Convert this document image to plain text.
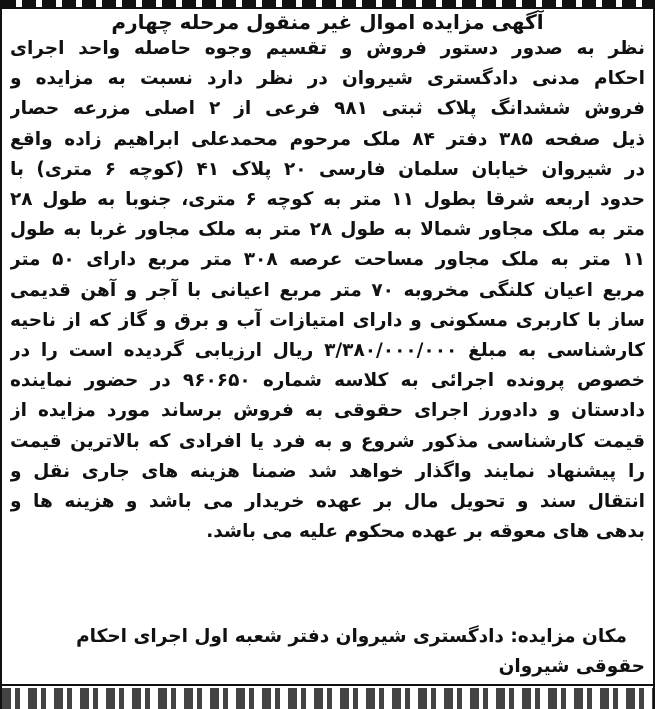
آگهی مزایده اموال غیر منقول مرحله چهارم
نظر به صدور دستور فروش و تقسیم وجوه حاصله واحد اجرای
احکام مدنی دادگستری شیروان در نظر دارد نسبت به مزایده و
فروش ششدانگ پلاک ثبتی ۹۸۱ فرعی از ۲ اصلی مزرعه حصار
ذیل صفحه ۳۸۵ دفتر ۸۴ ملک مرحوم محمدعلی ابراهیم زاده واقع
در شیروان خیابان سلمان فارسی ۲۰ پلاک ۴۱ (کوچه ۶ متری) با
حدود اربعه شرقا بطول ۱۱ متر به کوچه ۶ متری، جنوبا به طول ۲۸
متر به ملک مجاور شمالا به طول ۲۸ متر به ملک مجاور غربا به طول
۱۱ متر به ملک مجاور مساحت عرصه ۳۰۸ متر مربع دارای ۵۰ متر
مربع اعیان کلنگی مخروبه ۷۰ متر مربع اعیانی با آجر و آهن قدیمی
ساز با کاربری مسکونی و دارای امتیازات آب و برق و گاز که از ناحیه
کارشناسی به مبلغ ۳/۳۸۰/۰۰۰/۰۰۰ ریال ارزیابی گردیده است را در
خصوص پرونده اجرائی به کلاسه شماره ۹۶۰۶۵۰ در حضور نماینده
دادستان و دادورز اجرای حقوقی به فروش برساند مورد مزایده از
قیمت کارشناسی مذکور شروع و به فرد یا افرادی که بالاترین قیمت
را پیشنهاد نمایند واگذار خواهد شد ضمنا هزینه های جاری نقل و
انتقال سند و تحویل مال بر عهده خریدار می باشد و هزینه ها و
بدهی های معوقه بر عهده محکوم علیه می باشد.
مکان مزایده: دادگستری شیروان دفتر شعبه اول اجرای احکام
حقوقی شیروان
